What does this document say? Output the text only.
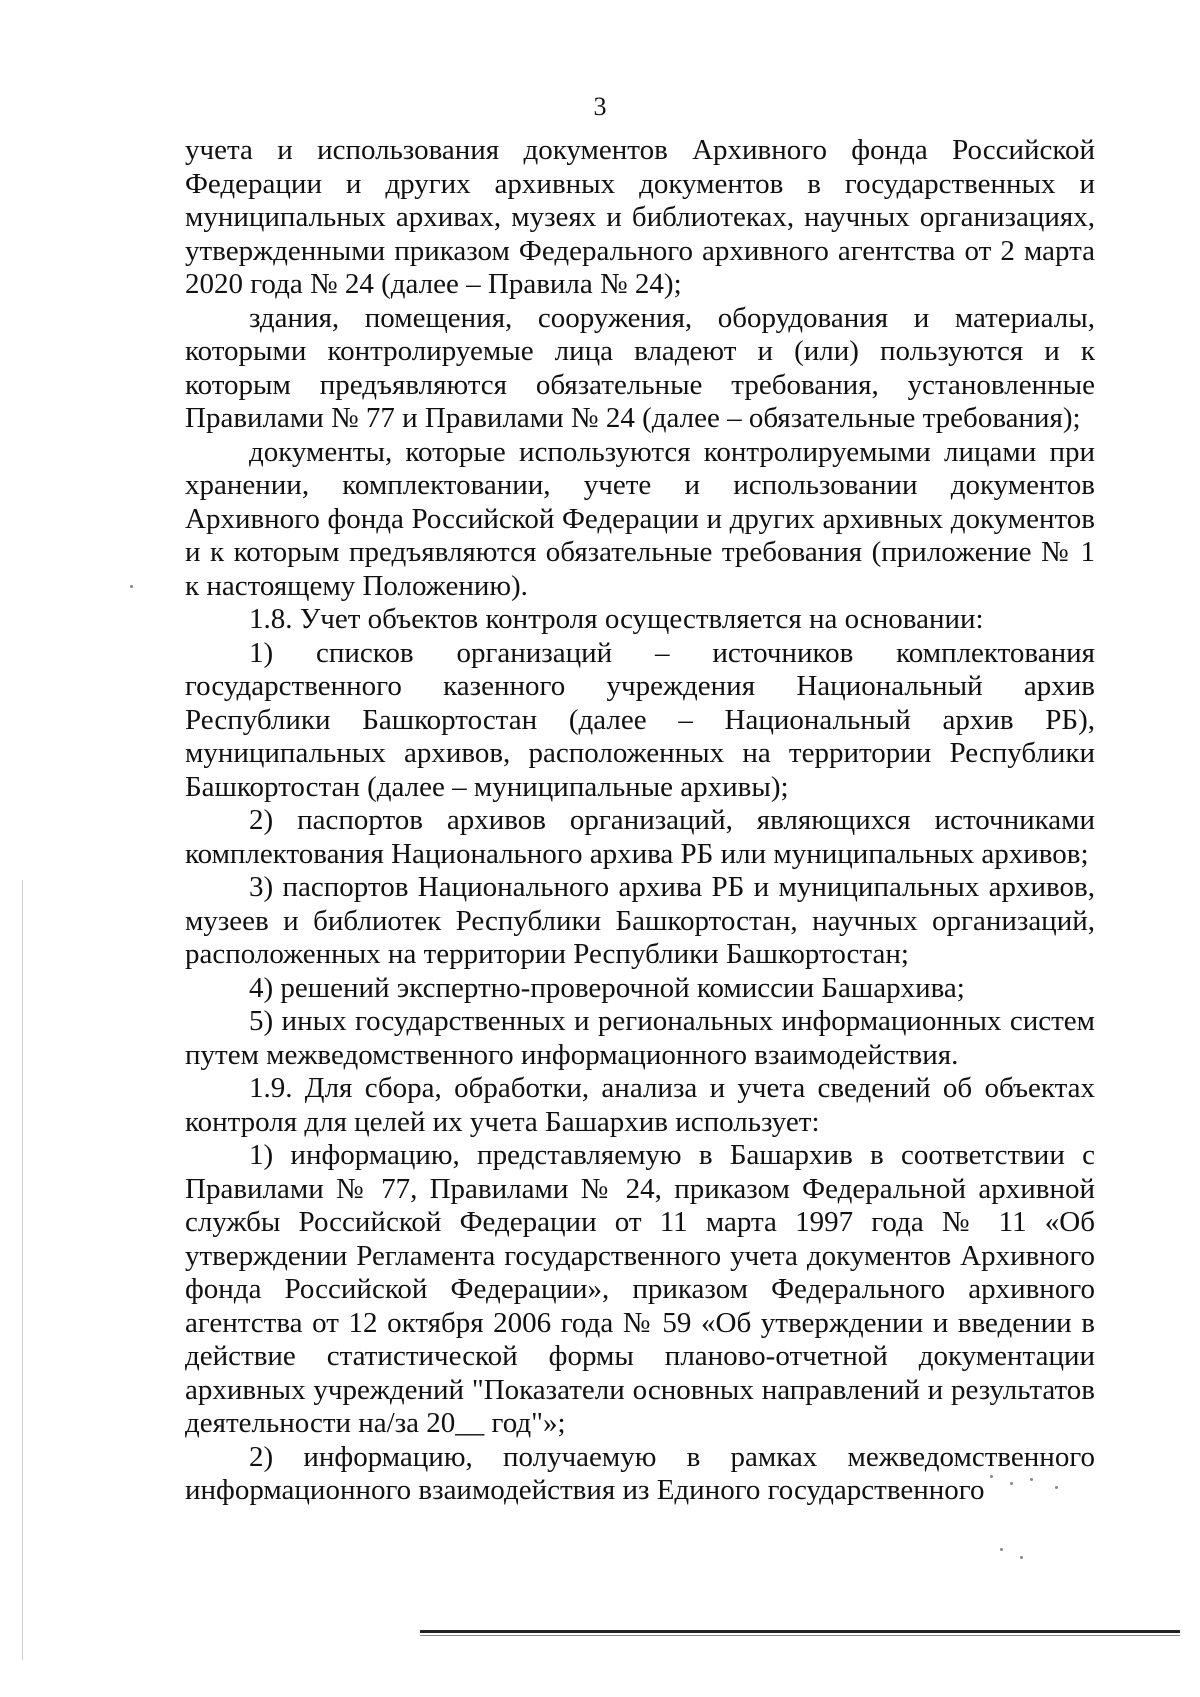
3

учета и использования документов Архивного фонда Российской Федерации и других архивных документов в государственных и муниципальных архивах, музеях и библиотеках, научных организациях, утвержденными приказом Федерального архивного агентства от 2 марта 2020 года № 24 (далее – Правила № 24);

здания, помещения, сооружения, оборудования и материалы, которыми контролируемые лица владеют и (или) пользуются и к которым предъявляются обязательные требования, установленные Правилами № 77 и Правилами № 24 (далее – обязательные требования);

документы, которые используются контролируемыми лицами при хранении, комплектовании, учете и использовании документов Архивного фонда Российской Федерации и других архивных документов и к которым предъявляются обязательные требования (приложение № 1 к настоящему Положению).

1.8. Учет объектов контроля осуществляется на основании:

1) списков организаций – источников комплектования государственного казенного учреждения Национальный архив Республики Башкортостан (далее – Национальный архив РБ), муниципальных архивов, расположенных на территории Республики Башкортостан (далее – муниципальные архивы);

2) паспортов архивов организаций, являющихся источниками комплектования Национального архива РБ или муниципальных архивов;

3) паспортов Национального архива РБ и муниципальных архивов, музеев и библиотек Республики Башкортостан, научных организаций, расположенных на территории Республики Башкортостан;

4) решений экспертно-проверочной комиссии Башархива;

5) иных государственных и региональных информационных систем путем межведомственного информационного взаимодействия.

1.9. Для сбора, обработки, анализа и учета сведений об объектах контроля для целей их учета Башархив использует:

1) информацию, представляемую в Башархив в соответствии с Правилами № 77, Правилами № 24, приказом Федеральной архивной службы Российской Федерации от 11 марта 1997 года № 11 «Об утверждении Регламента государственного учета документов Архивного фонда Российской Федерации», приказом Федерального архивного агентства от 12 октября 2006 года № 59 «Об утверждении и введении в действие статистической формы планово-отчетной документации архивных учреждений "Показатели основных направлений и результатов деятельности на/за 20__ год"»;

2) информацию, получаемую в рамках межведомственного информационного взаимодействия из Единого государственного
